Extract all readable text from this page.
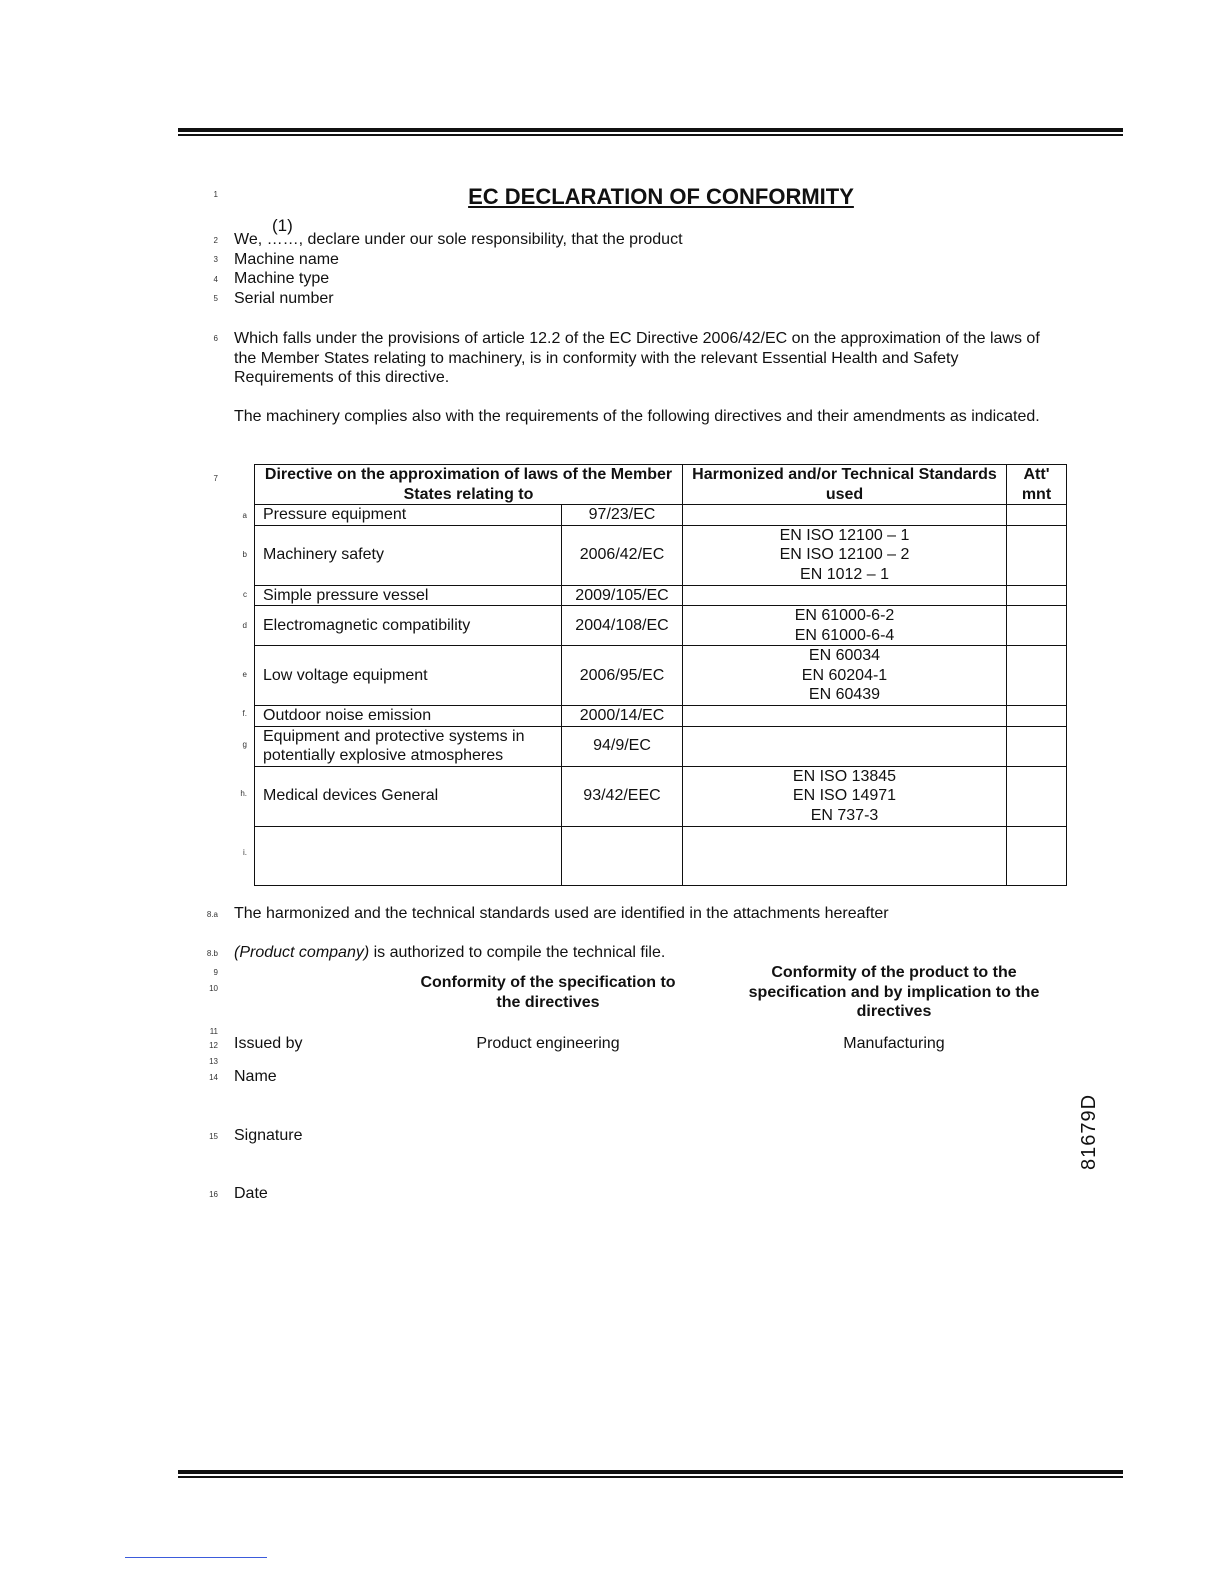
1
2
3
4
5
6
7
8.a
8.b
9
10
11
12
13
14
15
16
EC DECLARATION OF CONFORMITY
(1)
We, ……, declare under our sole responsibility, that the product
Machine name
Machine type
Serial number
Which falls under the provisions of article 12.2 of the EC Directive 2006/42/EC on the approximation of the laws of the Member States relating to machinery, is in conformity with the relevant Essential Health and Safety Requirements of this directive.
The machinery complies also with the requirements of the following directives and their amendments as indicated.
a
b
c
d
e
f.
g
h.
i.
Directive on the approximation of laws of the Member States relating to		Harmonized and/or Technical Standards used	Att' mnt
Pressure equipment	97/23/EC		
Machinery safety	2006/42/EC	EN ISO 12100 – 1
EN ISO 12100 – 2
EN 1012 – 1	

Simple pressure vessel	2009/105/EC		
Electromagnetic compatibility	2004/108/EC	EN 61000-6-2
EN 61000-6-4	

Low voltage equipment	2006/95/EC	EN 60034
EN 60204-1
EN 60439	

Outdoor noise emission	2000/14/EC		
Equipment and protective systems in potentially explosive atmospheres	94/9/EC		
Medical devices General	93/42/EEC	EN ISO 13845
EN ISO 14971
EN 737-3	

The harmonized and the technical standards used are identified in the attachments hereafter
(Product company) is authorized to compile the technical file.
Conformity of the specification to the directives
Conformity of the product to the specification and by implication to the directives
Issued by	Product engineering	Manufacturing
Name
Signature
Date
81679D
